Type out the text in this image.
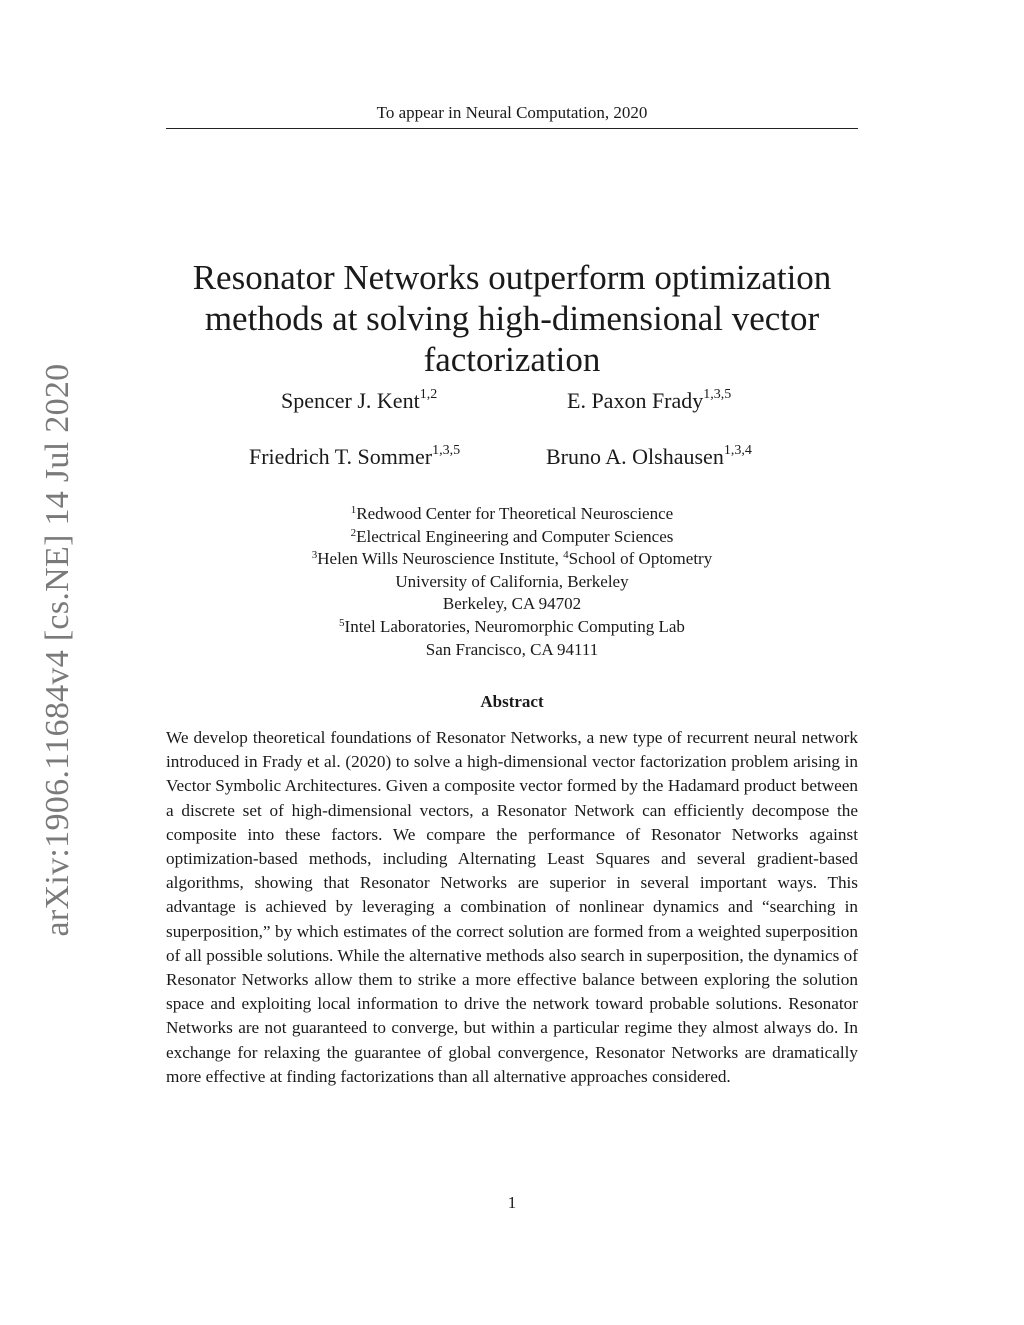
To appear in Neural Computation, 2020
arXiv:1906.11684v4 [cs.NE] 14 Jul 2020
Resonator Networks outperform optimization
methods at solving high-dimensional vector
factorization
Spencer J. Kent$^{1,2}$	E. Paxon Frady$^{1,3,5}$
Friedrich T. Sommer$^{1,3,5}$	Bruno A. Olshausen$^{1,3,4}$
$^1$Redwood Center for Theoretical Neuroscience
$^2$Electrical Engineering and Computer Sciences
$^3$Helen Wills Neuroscience Institute, $^4$School of Optometry
University of California, Berkeley
Berkeley, CA 94702
$^5$Intel Laboratories, Neuromorphic Computing Lab
San Francisco, CA 94111
Abstract

We develop theoretical foundations of Resonator Networks, a new type of recurrent neural network introduced in Frady et al. (2020) to solve a high-dimensional vector factorization problem arising in Vector Symbolic Architectures. Given a composite vector formed by the Hadamard product between a discrete set of high-dimensional vectors, a Resonator Network can efficiently decompose the composite into these factors. We compare the performance of Resonator Networks against optimization-based methods, including Alternating Least Squares and several gradient-based algorithms, showing that Resonator Networks are superior in several important ways. This advantage is achieved by leveraging a combination of nonlinear dynamics and “searching in superposition,” by which estimates of the correct solution are formed from a weighted superposition of all possible solutions. While the alternative methods also search in superposition, the dynamics of Resonator Networks allow them to strike a more effective balance between exploring the solution space and exploiting local information to drive the network toward probable solutions. Resonator Networks are not guaranteed to converge, but within a particular regime they almost always do. In exchange for relaxing the guarantee of global convergence, Resonator Networks are dramatically more effective at finding factorizations than all alternative approaches considered.

1
